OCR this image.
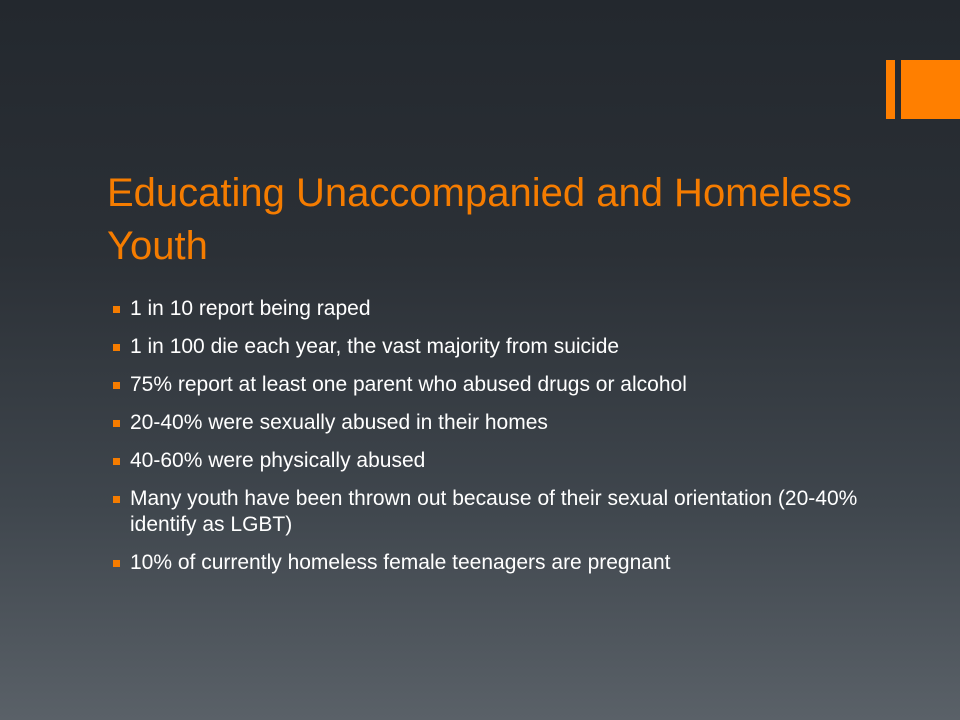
Educating Unaccompanied and Homeless Youth
1 in 10 report being raped
1 in 100 die each year, the vast majority from suicide
75% report at least one parent who abused drugs or alcohol
20-40% were sexually abused in their homes
40-60% were physically abused
Many youth have been thrown out because of their sexual orientation (20-40% identify as LGBT)
10% of currently homeless female teenagers are pregnant
